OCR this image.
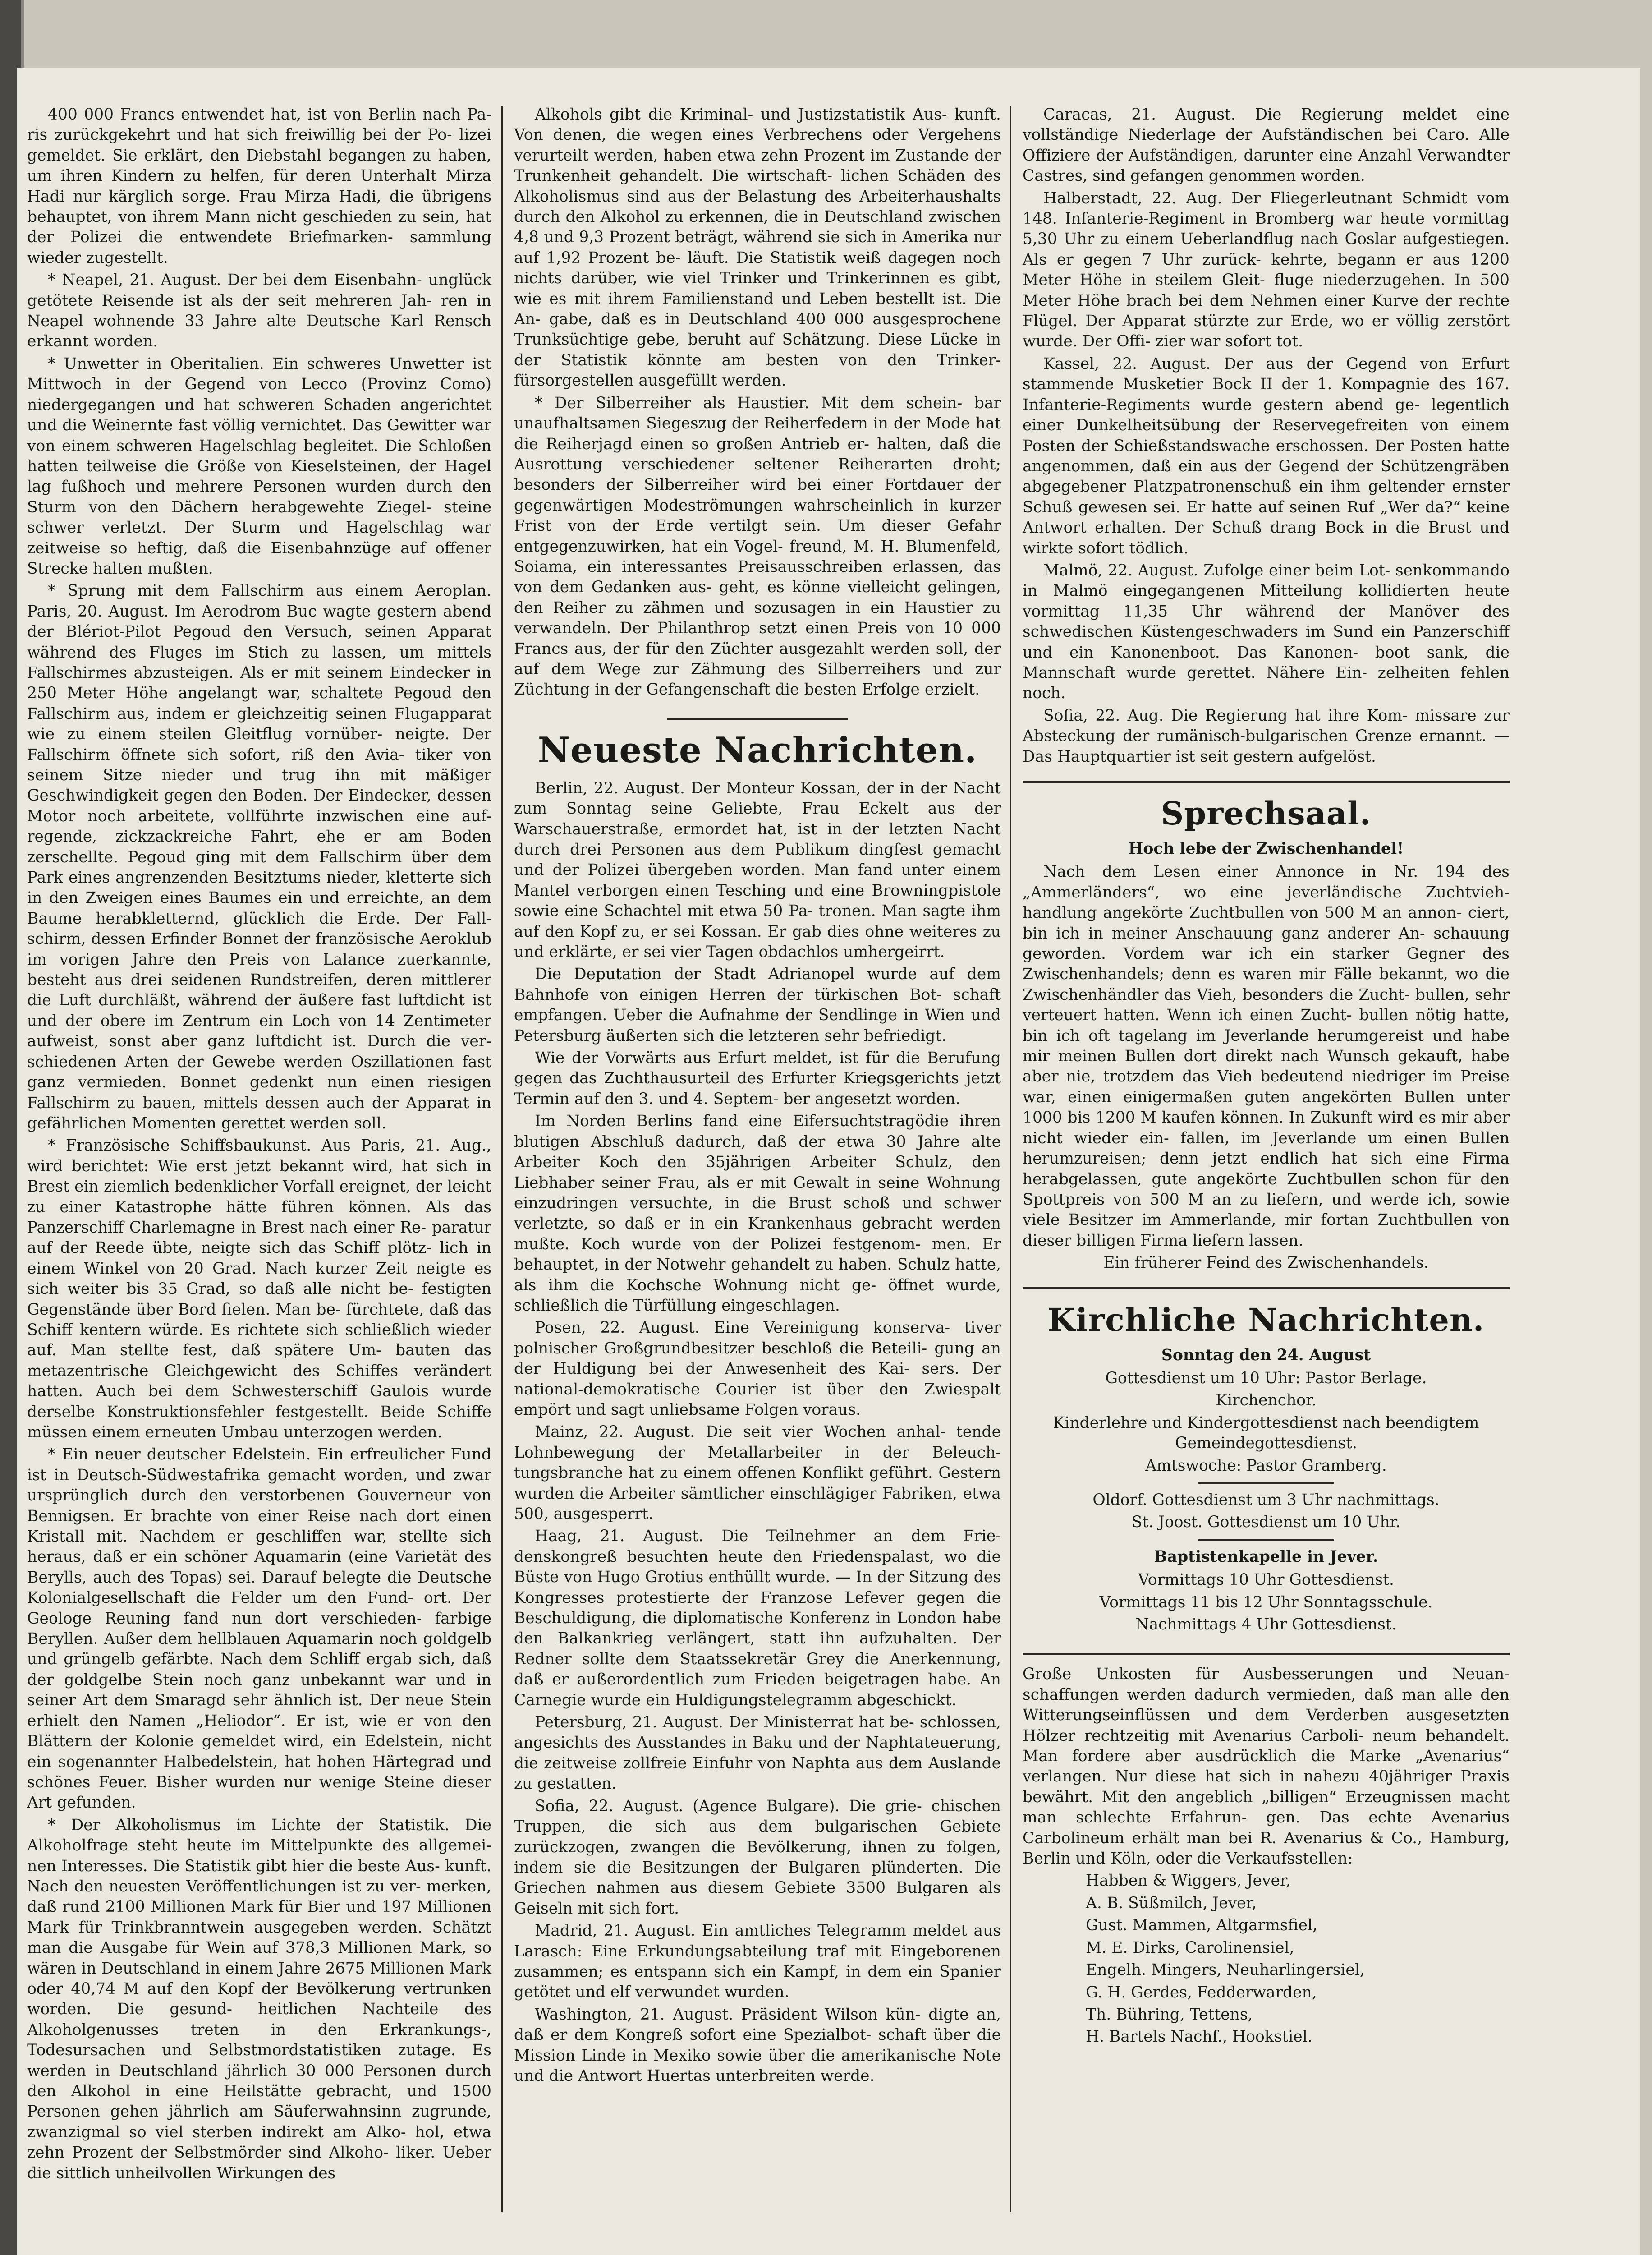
400 000 Francs entwendet hat, ist von Berlin nach Pa- ris zurückgekehrt und hat sich freiwillig bei der Po- lizei gemeldet. Sie erklärt, den Diebstahl begangen zu haben, um ihren Kindern zu helfen, für deren Unterhalt Mirza Hadi nur kärglich sorge. Frau Mirza Hadi, die übrigens behauptet, von ihrem Mann nicht geschieden zu sein, hat der Polizei die entwendete Briefmarken- sammlung wieder zugestellt.

* Neapel, 21. August. Der bei dem Eisenbahn- unglück getötete Reisende ist als der seit mehreren Jah- ren in Neapel wohnende 33 Jahre alte Deutsche Karl Rensch erkannt worden.

* Unwetter in Oberitalien. Ein schweres Unwetter ist Mittwoch in der Gegend von Lecco (Provinz Como) niedergegangen und hat schweren Schaden angerichtet und die Weinernte fast völlig vernichtet. Das Gewitter war von einem schweren Hagelschlag begleitet. Die Schloßen hatten teilweise die Größe von Kieselsteinen, der Hagel lag fußhoch und mehrere Personen wurden durch den Sturm von den Dächern herabgewehte Ziegel- steine schwer verletzt. Der Sturm und Hagelschlag war zeitweise so heftig, daß die Eisenbahnzüge auf offener Strecke halten mußten.

* Sprung mit dem Fallschirm aus einem Aeroplan. Paris, 20. August. Im Aerodrom Buc wagte gestern abend der Blériot-Pilot Pegoud den Versuch, seinen Apparat während des Fluges im Stich zu lassen, um mittels Fallschirmes abzusteigen. Als er mit seinem Eindecker in 250 Meter Höhe angelangt war, schaltete Pegoud den Fallschirm aus, indem er gleichzeitig seinen Flugapparat wie zu einem steilen Gleitflug vornüber- neigte. Der Fallschirm öffnete sich sofort, riß den Avia- tiker von seinem Sitze nieder und trug ihn mit mäßiger Geschwindigkeit gegen den Boden. Der Eindecker, dessen Motor noch arbeitete, vollführte inzwischen eine auf- regende, zickzackreiche Fahrt, ehe er am Boden zerschellte. Pegoud ging mit dem Fallschirm über dem Park eines angrenzenden Besitztums nieder, kletterte sich in den Zweigen eines Baumes ein und erreichte, an dem Baume herabkletternd, glücklich die Erde. Der Fall- schirm, dessen Erfinder Bonnet der französische Aeroklub im vorigen Jahre den Preis von Lalance zuerkannte, besteht aus drei seidenen Rundstreifen, deren mittlerer die Luft durchläßt, während der äußere fast luftdicht ist und der obere im Zentrum ein Loch von 14 Zentimeter aufweist, sonst aber ganz luftdicht ist. Durch die ver- schiedenen Arten der Gewebe werden Oszillationen fast ganz vermieden. Bonnet gedenkt nun einen riesigen Fallschirm zu bauen, mittels dessen auch der Apparat in gefährlichen Momenten gerettet werden soll.

* Französische Schiffsbaukunst. Aus Paris, 21. Aug., wird berichtet: Wie erst jetzt bekannt wird, hat sich in Brest ein ziemlich bedenklicher Vorfall ereignet, der leicht zu einer Katastrophe hätte führen können. Als das Panzerschiff Charlemagne in Brest nach einer Re- paratur auf der Reede übte, neigte sich das Schiff plötz- lich in einem Winkel von 20 Grad. Nach kurzer Zeit neigte es sich weiter bis 35 Grad, so daß alle nicht be- festigten Gegenstände über Bord fielen. Man be- fürchtete, daß das Schiff kentern würde. Es richtete sich schließlich wieder auf. Man stellte fest, daß spätere Um- bauten das metazentrische Gleichgewicht des Schiffes verändert hatten. Auch bei dem Schwesterschiff Gaulois wurde derselbe Konstruktionsfehler festgestellt. Beide Schiffe müssen einem erneuten Umbau unterzogen werden.

* Ein neuer deutscher Edelstein. Ein erfreulicher Fund ist in Deutsch-Südwestafrika gemacht worden, und zwar ursprünglich durch den verstorbenen Gouverneur von Bennigsen. Er brachte von einer Reise nach dort einen Kristall mit. Nachdem er geschliffen war, stellte sich heraus, daß er ein schöner Aquamarin (eine Varietät des Berylls, auch des Topas) sei. Darauf belegte die Deutsche Kolonialgesellschaft die Felder um den Fund- ort. Der Geologe Reuning fand nun dort verschieden- farbige Beryllen. Außer dem hellblauen Aquamarin noch goldgelb und grüngelb gefärbte. Nach dem Schliff ergab sich, daß der goldgelbe Stein noch ganz unbekannt war und in seiner Art dem Smaragd sehr ähnlich ist. Der neue Stein erhielt den Namen „Heliodor“. Er ist, wie er von den Blättern der Kolonie gemeldet wird, ein Edelstein, nicht ein sogenannter Halbedelstein, hat hohen Härtegrad und schönes Feuer. Bisher wurden nur wenige Steine dieser Art gefunden.

* Der Alkoholismus im Lichte der Statistik. Die Alkoholfrage steht heute im Mittelpunkte des allgemei- nen Interesses. Die Statistik gibt hier die beste Aus- kunft. Nach den neuesten Veröffentlichungen ist zu ver- merken, daß rund 2100 Millionen Mark für Bier und 197 Millionen Mark für Trinkbranntwein ausgegeben werden. Schätzt man die Ausgabe für Wein auf 378,3 Millionen Mark, so wären in Deutschland in einem Jahre 2675 Millionen Mark oder 40,74 M auf den Kopf der Bevölkerung vertrunken worden. Die gesund- heitlichen Nachteile des Alkoholgenusses treten in den Erkrankungs-, Todesursachen und Selbstmordstatistiken zutage. Es werden in Deutschland jährlich 30 000 Personen durch den Alkohol in eine Heilstätte gebracht, und 1500 Personen gehen jährlich am Säuferwahnsinn zugrunde, zwanzigmal so viel sterben indirekt am Alko- hol, etwa zehn Prozent der Selbstmörder sind Alkoho- liker. Ueber die sittlich unheilvollen Wirkungen des

Alkohols gibt die Kriminal- und Justizstatistik Aus- kunft. Von denen, die wegen eines Verbrechens oder Vergehens verurteilt werden, haben etwa zehn Prozent im Zustande der Trunkenheit gehandelt. Die wirtschaft- lichen Schäden des Alkoholismus sind aus der Belastung des Arbeiterhaushalts durch den Alkohol zu erkennen, die in Deutschland zwischen 4,8 und 9,3 Prozent beträgt, während sie sich in Amerika nur auf 1,92 Prozent be- läuft. Die Statistik weiß dagegen noch nichts darüber, wie viel Trinker und Trinkerinnen es gibt, wie es mit ihrem Familienstand und Leben bestellt ist. Die An- gabe, daß es in Deutschland 400 000 ausgesprochene Trunksüchtige gebe, beruht auf Schätzung. Diese Lücke in der Statistik könnte am besten von den Trinker- fürsorgestellen ausgefüllt werden.

* Der Silberreiher als Haustier. Mit dem schein- bar unaufhaltsamen Siegeszug der Reiherfedern in der Mode hat die Reiherjagd einen so großen Antrieb er- halten, daß die Ausrottung verschiedener seltener Reiherarten droht; besonders der Silberreiher wird bei einer Fortdauer der gegenwärtigen Modeströmungen wahrscheinlich in kurzer Frist von der Erde vertilgt sein. Um dieser Gefahr entgegenzuwirken, hat ein Vogel- freund, M. H. Blumenfeld, Soiama, ein interessantes Preisausschreiben erlassen, das von dem Gedanken aus- geht, es könne vielleicht gelingen, den Reiher zu zähmen und sozusagen in ein Haustier zu verwandeln. Der Philanthrop setzt einen Preis von 10 000 Francs aus, der für den Züchter ausgezahlt werden soll, der auf dem Wege zur Zähmung des Silberreihers und zur Züchtung in der Gefangenschaft die besten Erfolge erzielt.

Neueste Nachrichten.

Berlin, 22. August. Der Monteur Kossan, der in der Nacht zum Sonntag seine Geliebte, Frau Eckelt aus der Warschauerstraße, ermordet hat, ist in der letzten Nacht durch drei Personen aus dem Publikum dingfest gemacht und der Polizei übergeben worden. Man fand unter einem Mantel verborgen einen Tesching und eine Browningpistole sowie eine Schachtel mit etwa 50 Pa- tronen. Man sagte ihm auf den Kopf zu, er sei Kossan. Er gab dies ohne weiteres zu und erklärte, er sei vier Tagen obdachlos umhergeirrt.

Die Deputation der Stadt Adrianopel wurde auf dem Bahnhofe von einigen Herren der türkischen Bot- schaft empfangen. Ueber die Aufnahme der Sendlinge in Wien und Petersburg äußerten sich die letzteren sehr befriedigt.

Wie der Vorwärts aus Erfurt meldet, ist für die Berufung gegen das Zuchthausurteil des Erfurter Kriegsgerichts jetzt Termin auf den 3. und 4. Septem- ber angesetzt worden.

Im Norden Berlins fand eine Eifersuchtstragödie ihren blutigen Abschluß dadurch, daß der etwa 30 Jahre alte Arbeiter Koch den 35jährigen Arbeiter Schulz, den Liebhaber seiner Frau, als er mit Gewalt in seine Wohnung einzudringen versuchte, in die Brust schoß und schwer verletzte, so daß er in ein Krankenhaus gebracht werden mußte. Koch wurde von der Polizei festgenom- men. Er behauptet, in der Notwehr gehandelt zu haben. Schulz hatte, als ihm die Kochsche Wohnung nicht ge- öffnet wurde, schließlich die Türfüllung eingeschlagen.

Posen, 22. August. Eine Vereinigung konserva- tiver polnischer Großgrundbesitzer beschloß die Beteili- gung an der Huldigung bei der Anwesenheit des Kai- sers. Der national-demokratische Courier ist über den Zwiespalt empört und sagt unliebsame Folgen voraus.

Mainz, 22. August. Die seit vier Wochen anhal- tende Lohnbewegung der Metallarbeiter in der Beleuch- tungsbranche hat zu einem offenen Konflikt geführt. Gestern wurden die Arbeiter sämtlicher einschlägiger Fabriken, etwa 500, ausgesperrt.

Haag, 21. August. Die Teilnehmer an dem Frie- denskongreß besuchten heute den Friedenspalast, wo die Büste von Hugo Grotius enthüllt wurde. — In der Sitzung des Kongresses protestierte der Franzose Lefever gegen die Beschuldigung, die diplomatische Konferenz in London habe den Balkankrieg verlängert, statt ihn aufzuhalten. Der Redner sollte dem Staatssekretär Grey die Anerkennung, daß er außerordentlich zum Frieden beigetragen habe. An Carnegie wurde ein Huldigungstelegramm abgeschickt.

Petersburg, 21. August. Der Ministerrat hat be- schlossen, angesichts des Ausstandes in Baku und der Naphtateuerung, die zeitweise zollfreie Einfuhr von Naphta aus dem Auslande zu gestatten.

Sofia, 22. August. (Agence Bulgare). Die grie- chischen Truppen, die sich aus dem bulgarischen Gebiete zurückzogen, zwangen die Bevölkerung, ihnen zu folgen, indem sie die Besitzungen der Bulgaren plünderten. Die Griechen nahmen aus diesem Gebiete 3500 Bulgaren als Geiseln mit sich fort.

Madrid, 21. August. Ein amtliches Telegramm meldet aus Larasch: Eine Erkundungsabteilung traf mit Eingeborenen zusammen; es entspann sich ein Kampf, in dem ein Spanier getötet und elf verwundet wurden.

Washington, 21. August. Präsident Wilson kün- digte an, daß er dem Kongreß sofort eine Spezialbot- schaft über die Mission Linde in Mexiko sowie über die amerikanische Note und die Antwort Huertas unterbreiten werde.

Caracas, 21. August. Die Regierung meldet eine vollständige Niederlage der Aufständischen bei Caro. Alle Offiziere der Aufständigen, darunter eine Anzahl Verwandter Castres, sind gefangen genommen worden.

Halberstadt, 22. Aug. Der Fliegerleutnant Schmidt vom 148. Infanterie-Regiment in Bromberg war heute vormittag 5,30 Uhr zu einem Ueberlandflug nach Goslar aufgestiegen. Als er gegen 7 Uhr zurück- kehrte, begann er aus 1200 Meter Höhe in steilem Gleit- fluge niederzugehen. In 500 Meter Höhe brach bei dem Nehmen einer Kurve der rechte Flügel. Der Apparat stürzte zur Erde, wo er völlig zerstört wurde. Der Offi- zier war sofort tot.

Kassel, 22. August. Der aus der Gegend von Erfurt stammende Musketier Bock II der 1. Kompagnie des 167. Infanterie-Regiments wurde gestern abend ge- legentlich einer Dunkelheitsübung der Reservegefreiten von einem Posten der Schießstandswache erschossen. Der Posten hatte angenommen, daß ein aus der Gegend der Schützengräben abgegebener Platzpatronenschuß ein ihm geltender ernster Schuß gewesen sei. Er hatte auf seinen Ruf „Wer da?“ keine Antwort erhalten. Der Schuß drang Bock in die Brust und wirkte sofort tödlich.

Malmö, 22. August. Zufolge einer beim Lot- senkommando in Malmö eingegangenen Mitteilung kollidierten heute vormittag 11,35 Uhr während der Manöver des schwedischen Küstengeschwaders im Sund ein Panzerschiff und ein Kanonenboot. Das Kanonen- boot sank, die Mannschaft wurde gerettet. Nähere Ein- zelheiten fehlen noch.

Sofia, 22. Aug. Die Regierung hat ihre Kom- missare zur Absteckung der rumänisch-bulgarischen Grenze ernannt. — Das Hauptquartier ist seit gestern aufgelöst.

Sprechsaal.
Hoch lebe der Zwischenhandel!

Nach dem Lesen einer Annonce in Nr. 194 des „Ammerländers“, wo eine jeverländische Zuchtvieh- handlung angekörte Zuchtbullen von 500 M an annon- ciert, bin ich in meiner Anschauung ganz anderer An- schauung geworden. Vordem war ich ein starker Gegner des Zwischenhandels; denn es waren mir Fälle bekannt, wo die Zwischenhändler das Vieh, besonders die Zucht- bullen, sehr verteuert hatten. Wenn ich einen Zucht- bullen nötig hatte, bin ich oft tagelang im Jeverlande herumgereist und habe mir meinen Bullen dort direkt nach Wunsch gekauft, habe aber nie, trotzdem das Vieh bedeutend niedriger im Preise war, einen einigermaßen guten angekörten Bullen unter 1000 bis 1200 M kaufen können. In Zukunft wird es mir aber nicht wieder ein- fallen, im Jeverlande um einen Bullen herumzureisen; denn jetzt endlich hat sich eine Firma herabgelassen, gute angekörte Zuchtbullen schon für den Spottpreis von 500 M an zu liefern, und werde ich, sowie viele Besitzer im Ammerlande, mir fortan Zuchtbullen von dieser billigen Firma liefern lassen.

Ein früherer Feind des Zwischenhandels.

Kirchliche Nachrichten.
Sonntag den 24. August

Gottesdienst um 10 Uhr: Pastor Berlage.

Kirchenchor.

Kinderlehre und Kindergottesdienst nach beendigtem Gemeindegottesdienst.

Amtswoche: Pastor Gramberg.

Oldorf. Gottesdienst um 3 Uhr nachmittags.

St. Joost. Gottesdienst um 10 Uhr.

Baptistenkapelle in Jever.

Vormittags 10 Uhr Gottesdienst.

Vormittags 11 bis 12 Uhr Sonntagsschule.

Nachmittags 4 Uhr Gottesdienst.

Große Unkosten für Ausbesserungen und Neuan- schaffungen werden dadurch vermieden, daß man alle den Witterungseinflüssen und dem Verderben ausgesetzten Hölzer rechtzeitig mit Avenarius Carboli- neum behandelt. Man fordere aber ausdrücklich die Marke „Avenarius“ verlangen. Nur diese hat sich in nahezu 40jähriger Praxis bewährt. Mit den angeblich „billigen“ Erzeugnissen macht man schlechte Erfahrun- gen. Das echte Avenarius Carbolineum erhält man bei R. Avenarius & Co., Hamburg, Berlin und Köln, oder die Verkaufsstellen:

Habben & Wiggers, Jever,

A. B. Süßmilch, Jever,

Gust. Mammen, Altgarmsfiel,

M. E. Dirks, Carolinensiel,

Engelh. Mingers, Neuharlingersiel,

G. H. Gerdes, Fedderwarden,

Th. Bühring, Tettens,

H. Bartels Nachf., Hookstiel.
